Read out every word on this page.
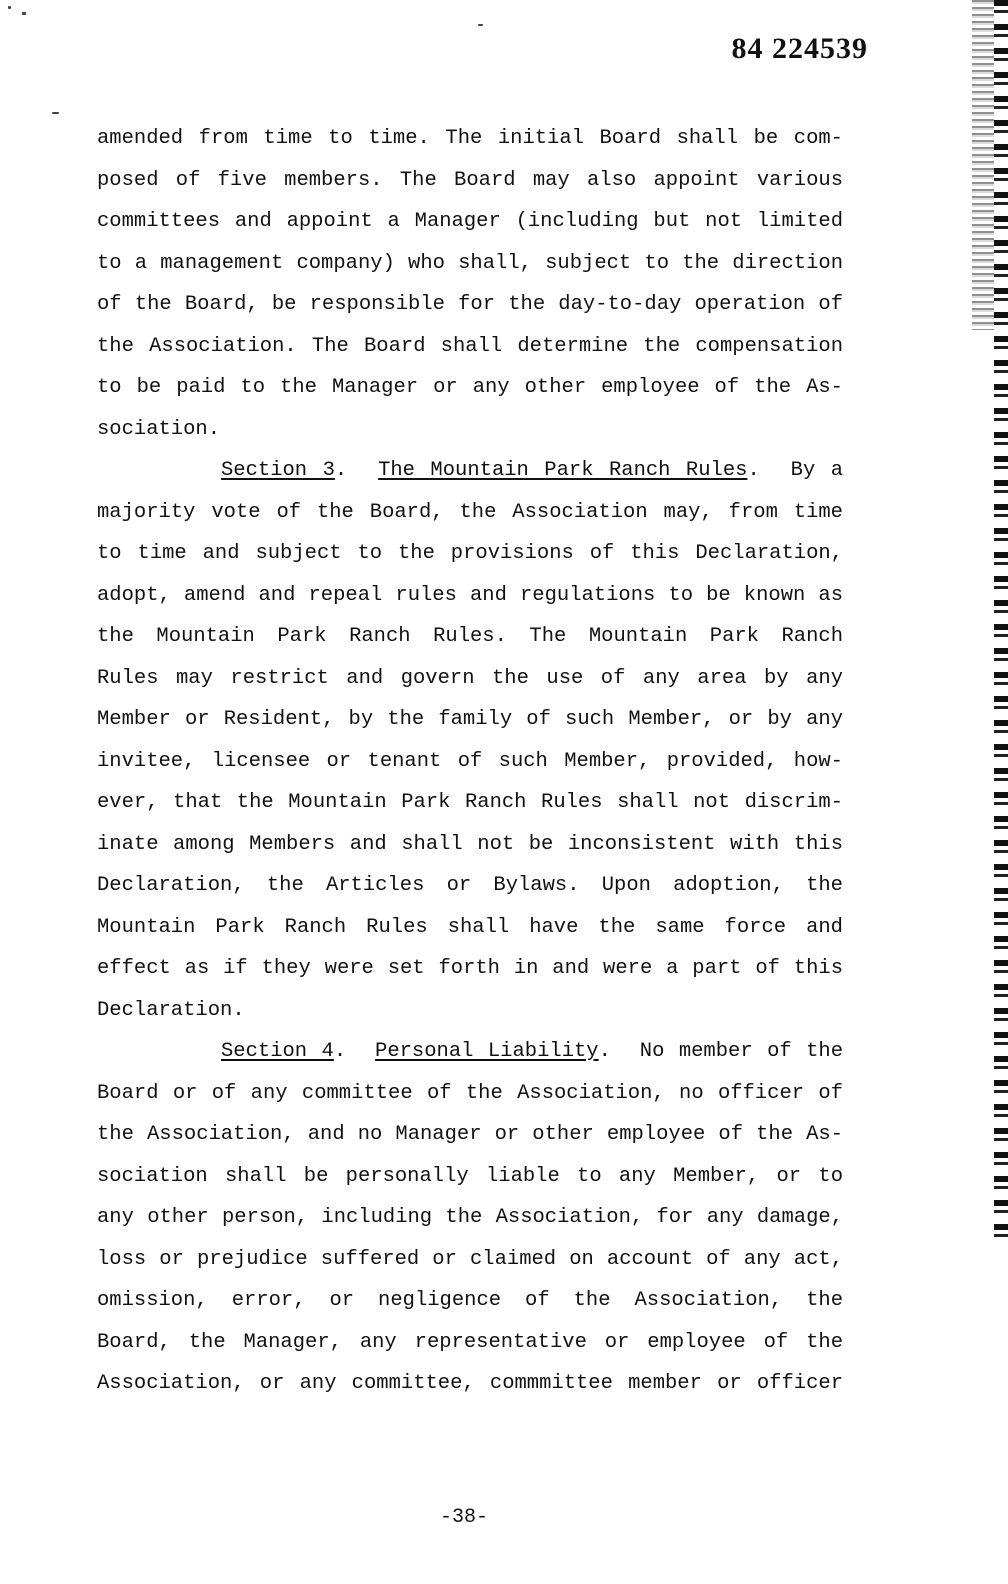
84 224539
amended from time to time. The initial Board shall be com-
posed of five members. The Board may also appoint various
committees and appoint a Manager (including but not limited
to a management company) who shall, subject to the direction
of the Board, be responsible for the day-to-day operation of
the Association. The Board shall determine the compensation
to be paid to the Manager or any other employee of the As-
sociation.
Section 3.  The Mountain Park Ranch Rules.  By a
majority vote of the Board, the Association may, from time
to time and subject to the provisions of this Declaration,
adopt, amend and repeal rules and regulations to be known as
the Mountain Park Ranch Rules. The Mountain Park Ranch
Rules may restrict and govern the use of any area by any
Member or Resident, by the family of such Member, or by any
invitee, licensee or tenant of such Member, provided, how-
ever, that the Mountain Park Ranch Rules shall not discrim-
inate among Members and shall not be inconsistent with this
Declaration, the Articles or Bylaws. Upon adoption, the
Mountain Park Ranch Rules shall have the same force and
effect as if they were set forth in and were a part of this
Declaration.
Section 4.  Personal Liability.  No member of the
Board or of any committee of the Association, no officer of
the Association, and no Manager or other employee of the As-
sociation shall be personally liable to any Member, or to
any other person, including the Association, for any damage,
loss or prejudice suffered or claimed on account of any act,
omission, error, or negligence of the Association, the
Board, the Manager, any representative or employee of the
Association, or any committee, commmittee member or officer
-38-
